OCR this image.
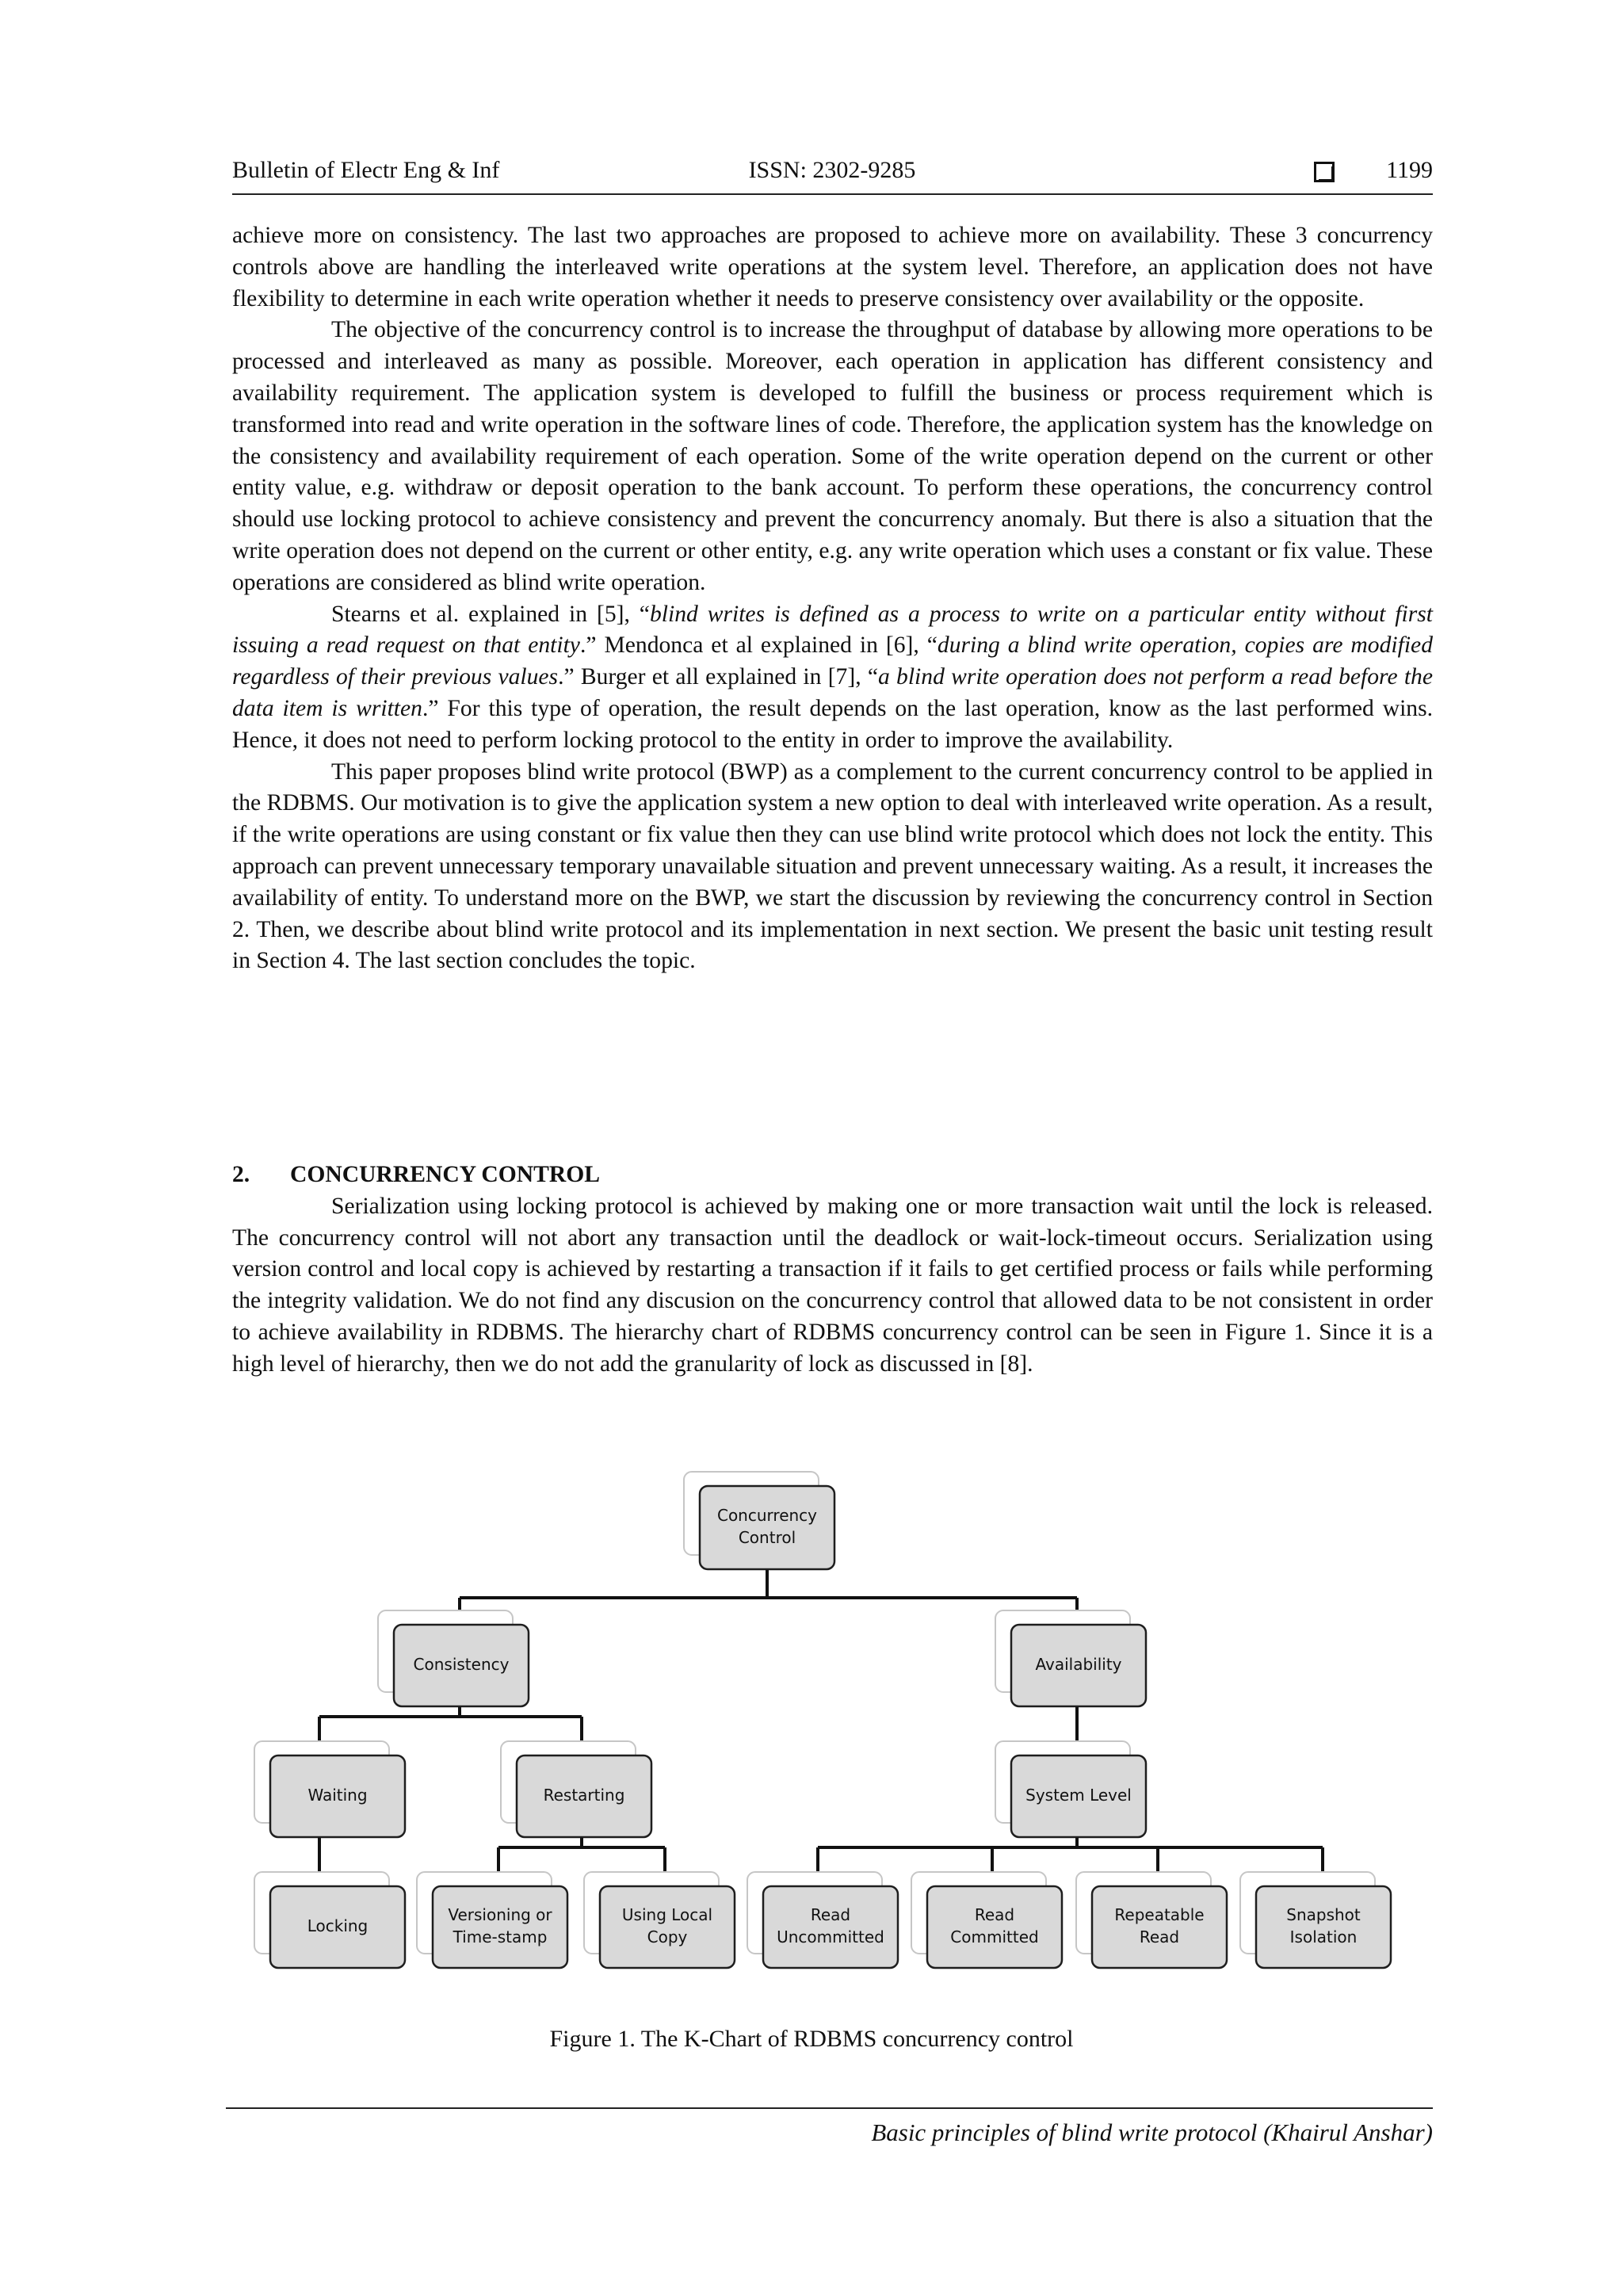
Bulletin of Electr Eng & Inf	ISSN: 2302-9285	1199

achieve more on consistency. The last two approaches are proposed to achieve more on availability. These 3 concurrency controls above are handling the interleaved write operations at the system level. Therefore, an application does not have flexibility to determine in each write operation whether it needs to preserve consistency over availability or the opposite.

The objective of the concurrency control is to increase the throughput of database by allowing more operations to be processed and interleaved as many as possible. Moreover, each operation in application has different consistency and availability requirement. The application system is developed to fulfill the business or process requirement which is transformed into read and write operation in the software lines of code. Therefore, the application system has the knowledge on the consistency and availability requirement of each operation. Some of the write operation depend on the current or other entity value, e.g. withdraw or deposit operation to the bank account. To perform these operations, the concurrency control should use locking protocol to achieve consistency and prevent the concurrency anomaly. But there is also a situation that the write operation does not depend on the current or other entity, e.g. any write operation which uses a constant or fix value. These operations are considered as blind write operation.

Stearns et al. explained in [5], “blind writes is defined as a process to write on a particular entity without first issuing a read request on that entity.” Mendonca et al explained in [6], “during a blind write operation, copies are modified regardless of their previous values.” Burger et all explained in [7], “a blind write operation does not perform a read before the data item is written.” For this type of operation, the result depends on the last operation, know as the last performed wins. Hence, it does not need to perform locking protocol to the entity in order to improve the availability.

This paper proposes blind write protocol (BWP) as a complement to the current concurrency control to be applied in the RDBMS. Our motivation is to give the application system a new option to deal with interleaved write operation. As a result, if the write operations are using constant or fix value then they can use blind write protocol which does not lock the entity. This approach can prevent unnecessary temporary unavailable situation and prevent unnecessary waiting. As a result, it increases the availability of entity. To understand more on the BWP, we start the discussion by reviewing the concurrency control in Section 2. Then, we describe about blind write protocol and its implementation in next section. We present the basic unit testing result in Section 4. The last section concludes the topic.

2. CONCURRENCY CONTROL

Serialization using locking protocol is achieved by making one or more transaction wait until the lock is released. The concurrency control will not abort any transaction until the deadlock or wait-lock-timeout occurs. Serialization using version control and local copy is achieved by restarting a transaction if it fails to get certified process or fails while performing the integrity validation. We do not find any discusion on the concurrency control that allowed data to be not consistent in order to achieve availability in RDBMS. The hierarchy chart of RDBMS concurrency control can be seen in Figure 1. Since it is a high level of hierarchy, then we do not add the granularity of lock as discussed in [8].

Concurrency
Control
Consistency	Availability
Waiting	Restarting	System Level
Locking
Versioning or
Time-stamp
Using Local
Copy
Read
Uncommitted
Read
Committed
Repeatable
Read
Snapshot
Isolation
Figure 1. The K-Chart of RDBMS concurrency control
Basic principles of blind write protocol (Khairul Anshar)
